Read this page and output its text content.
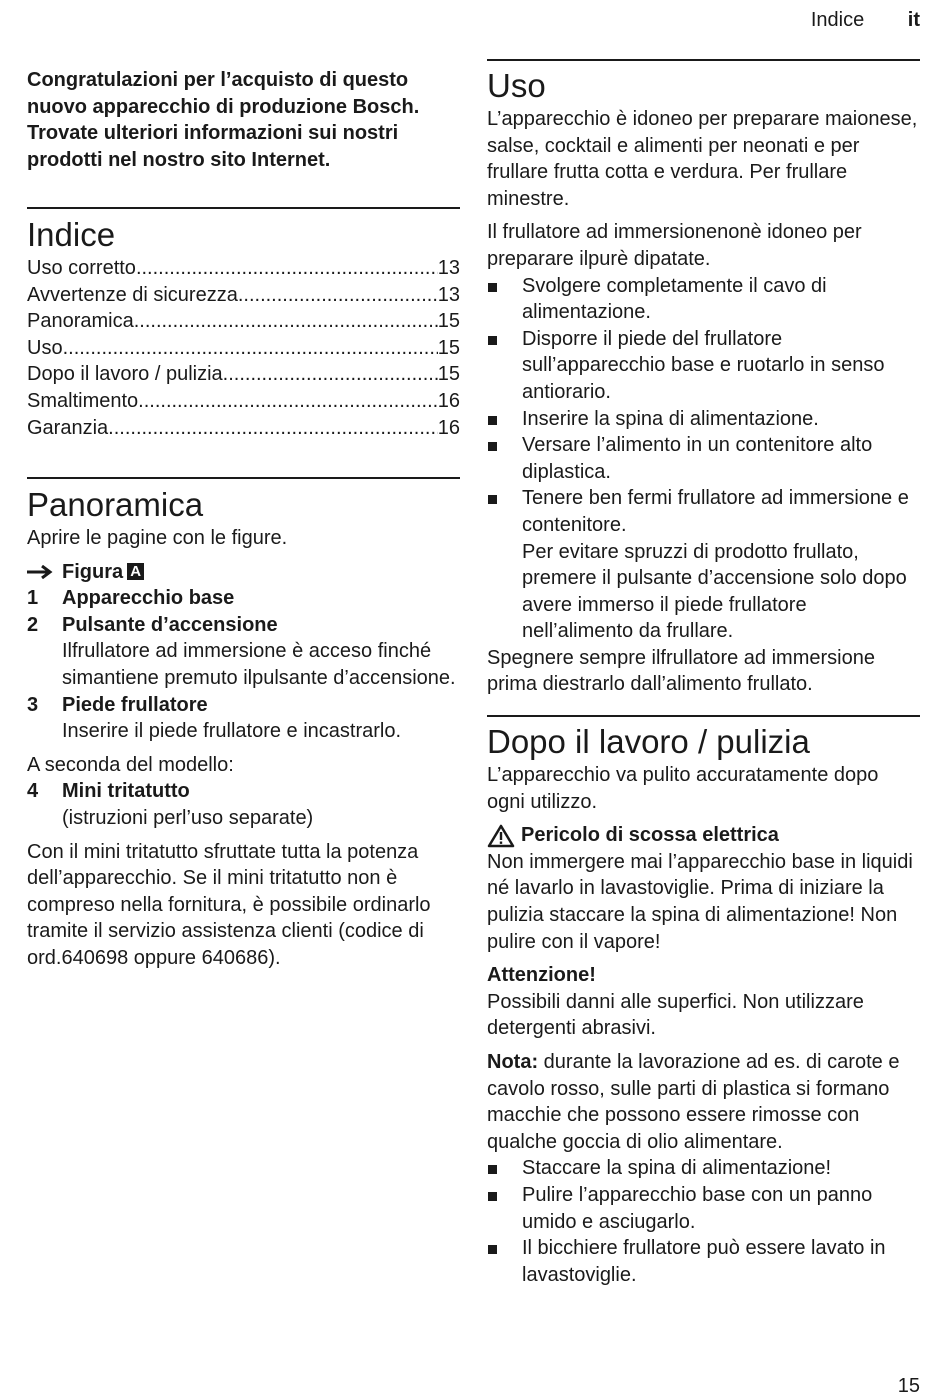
Indice it

Congratulazioni per l’acquisto di questo nuovo apparecchio di produzione Bosch. Trovate ulteriori informazioni sui nostri prodotti nel nostro sito Internet.

Indice
Uso corretto .....	13
Avvertenze di sicurezza .....	13
Panoramica .....	15
Uso .....	15
Dopo il lavoro / pulizia .....	15
Smaltimento .....	16
Garanzia .....	16
Panoramica

Aprire le pagine con le figure.

Figura A
1	Apparecchio base
2	Pulsante d’accensione
Ilfrullatore ad immersione è acceso finché simantiene premuto ilpulsante d’accensione.
3	Piede frullatore
Inserire il piede frullatore e incastrarlo.

A seconda del modello:

4	Mini tritatutto
(istruzioni perl’uso separate)

Con il mini tritatutto sfruttate tutta la potenza dell’apparecchio. Se il mini tritatutto non è compreso nella fornitura, è possibile ordinarlo tramite il servizio assistenza clienti (codice di ord.640698 oppure 640686).

Uso

L’apparecchio è idoneo per preparare maionese, salse, cocktail e alimenti per neonati e per frullare frutta cotta e verdura. Per frullare minestre.

Il frullatore ad immersionenonè idoneo per preparare ilpurè dipatate.

Svolgere completamente il cavo di alimentazione.
Disporre il piede del frullatore sull’apparecchio base e ruotarlo in senso antiorario.
Inserire la spina di alimentazione.
Versare l’alimento in un contenitore alto diplastica.
Tenere ben fermi frullatore ad immersione e contenitore.

Per evitare spruzzi di prodotto frullato, premere il pulsante d’accensione solo dopo avere immerso il piede frullatore nell’alimento da frullare.

Spegnere sempre ilfrullatore ad immersione prima diestrarlo dall’alimento frullato.

Dopo il lavoro / pulizia

L’apparecchio va pulito accuratamente dopo ogni utilizzo.

Pericolo di scossa elettrica

Non immergere mai l’apparecchio base in liquidi né lavarlo in lavastoviglie. Prima di iniziare la pulizia staccare la spina di alimentazione! Non pulire con il vapore!

Attenzione!

Possibili danni alle superfici. Non utilizzare detergenti abrasivi.

Nota: durante la lavorazione ad es. di carote e cavolo rosso, sulle parti di plastica si formano macchie che possono essere rimosse con qualche goccia di olio alimentare.

Staccare la spina di alimentazione!
Pulire l’apparecchio base con un panno umido e asciugarlo.
Il bicchiere frullatore può essere lavato in lavastoviglie.
15
